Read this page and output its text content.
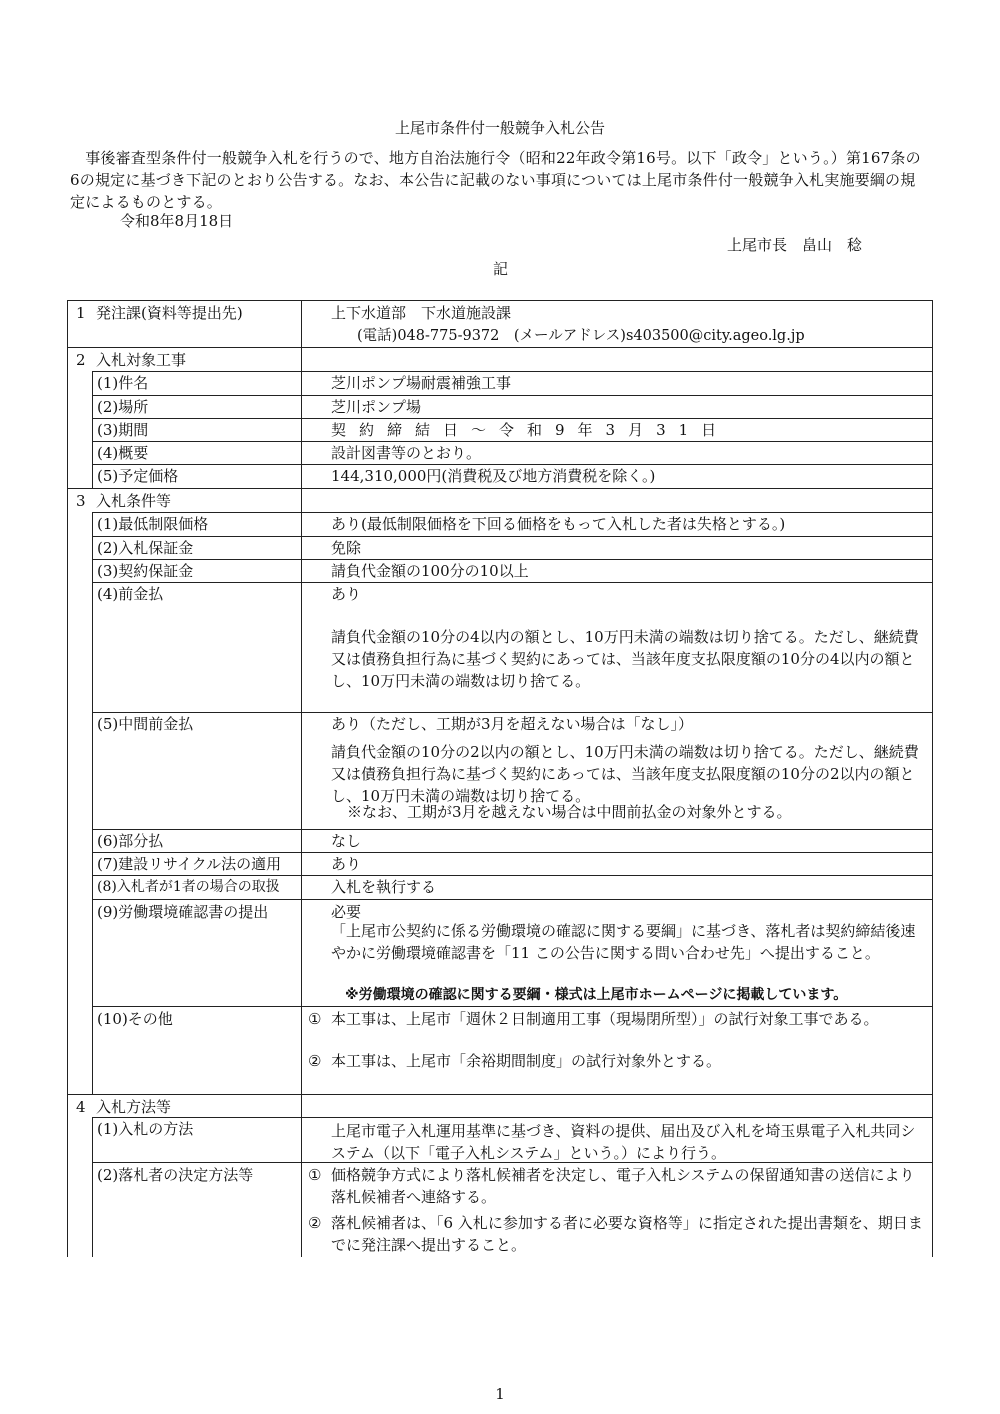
上尾市条件付一般競争入札公告
　事後審査型条件付一般競争入札を行うので、地方自治法施行令（昭和22年政令第16号。以下「政令」という。）第167条の6の規定に基づき下記のとおり公告する。なお、本公告に記載のない事項については上尾市条件付一般競争入札実施要綱の規定によるものとする。
令和8年8月18日
上尾市長　畠山　稔
記
1 発注課(資料等提出先)	上下水道部　下水道施設課
(電話)048-775-9372　(メールアドレス)s403500@city.ageo.lg.jp
2 入札対象工事
(1)件名	芝川ポンプ場耐震補強工事
(2)場所	芝川ポンプ場
(3)期間	契約締結日～令和9年3月31日
(4)概要	設計図書等のとおり。
(5)予定価格	144,310,000円(消費税及び地方消費税を除く。)
3 入札条件等
(1)最低制限価格	あり(最低制限価格を下回る価格をもって入札した者は失格とする。)
(2)入札保証金	免除
(3)契約保証金	請負代金額の100分の10以上
(4)前金払	あり
請負代金額の10分の4以内の額とし、10万円未満の端数は切り捨てる。ただし、継続費又は債務負担行為に基づく契約にあっては、当該年度支払限度額の10分の4以内の額とし、10万円未満の端数は切り捨てる。
(5)中間前金払	あり（ただし、工期が3月を超えない場合は「なし」）
請負代金額の10分の2以内の額とし、10万円未満の端数は切り捨てる。ただし、継続費又は債務負担行為に基づく契約にあっては、当該年度支払限度額の10分の2以内の額とし、10万円未満の端数は切り捨てる。
※なお、工期が3月を越えない場合は中間前払金の対象外とする。
(6)部分払	なし
(7)建設リサイクル法の適用	あり
(8)入札者が1者の場合の取扱	入札を執行する
(9)労働環境確認書の提出	必要
「上尾市公契約に係る労働環境の確認に関する要綱」に基づき、落札者は契約締結後速やかに労働環境確認書を「11 この公告に関する問い合わせ先」へ提出すること。
※労働環境の確認に関する要綱・様式は上尾市ホームページに掲載しています。
(10)その他	① 本工事は、上尾市「週休２日制適用工事（現場閉所型）」の試行対象工事である。
② 本工事は、上尾市「余裕期間制度」の試行対象外とする。
4 入札方法等
(1)入札の方法	上尾市電子入札運用基準に基づき、資料の提供、届出及び入札を埼玉県電子入札共同システム（以下「電子入札システム」という。）により行う。
(2)落札者の決定方法等	① 価格競争方式により落札候補者を決定し、電子入札システムの保留通知書の送信により落札候補者へ連絡する。
② 落札候補者は、「6 入札に参加する者に必要な資格等」に指定された提出書類を、期日までに発注課へ提出すること。
1
